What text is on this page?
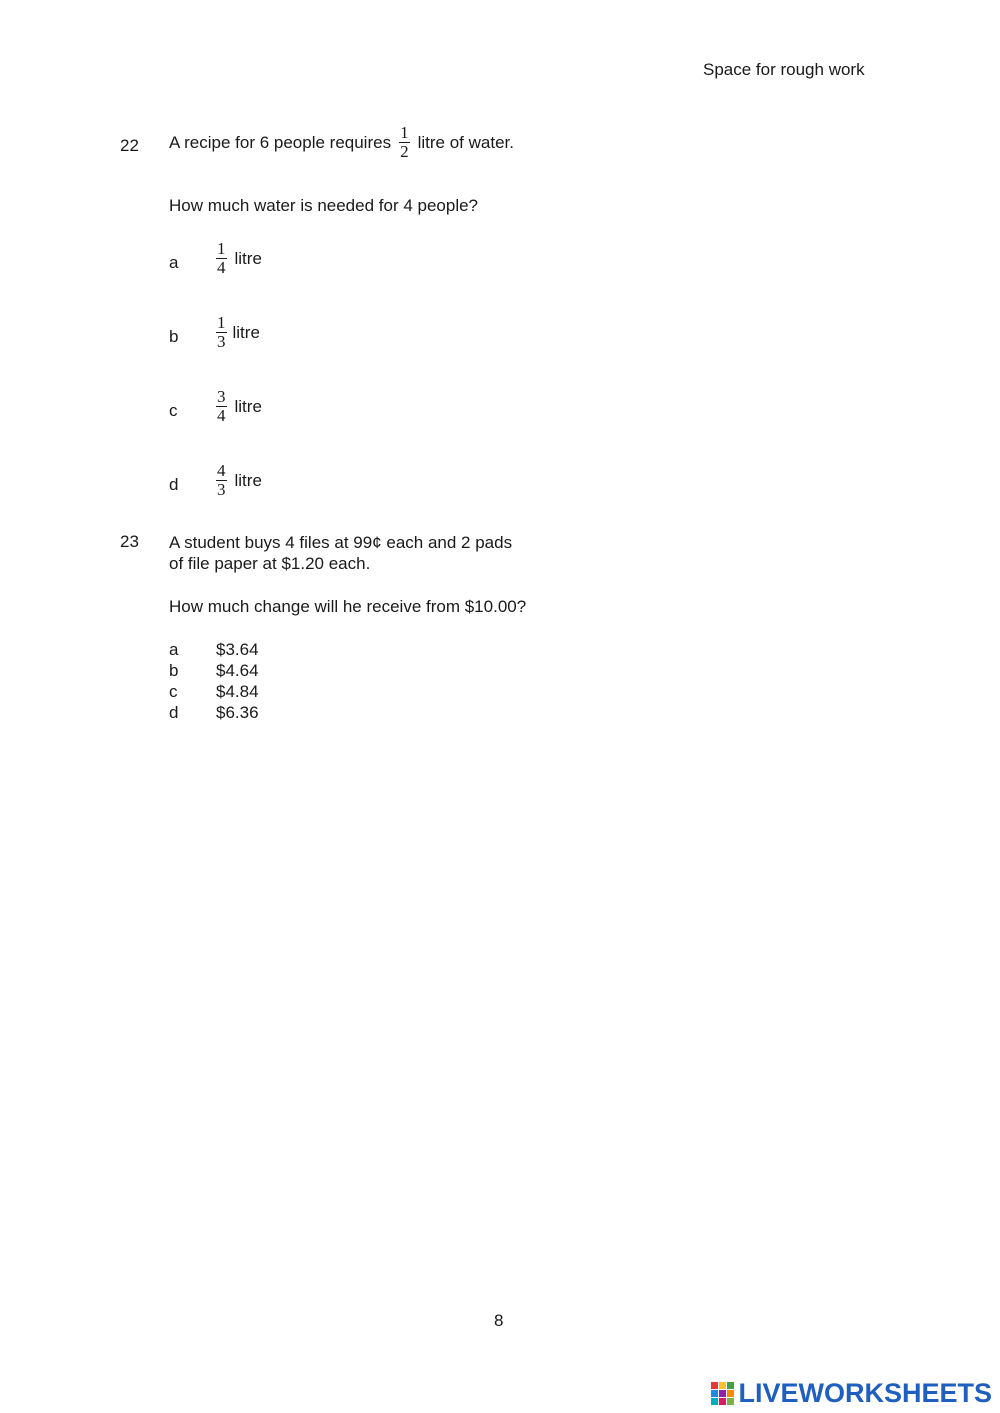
Space for rough work
22 A recipe for 6 people requires $\frac{1}{2}$ litre of water.
How much water is needed for 4 people?
a $\frac{1}{4}$ litre
b $\frac{1}{3}$ litre
c $\frac{3}{4}$ litre
d $\frac{4}{3}$ litre
23 A student buys 4 files at 99¢ each and 2 pads
of file paper at $1.20 each.
How much change will he receive from $10.00?
a	$3.64
b	$4.64
c	$4.84
d	$6.36
8
LIVEWORKSHEETS
